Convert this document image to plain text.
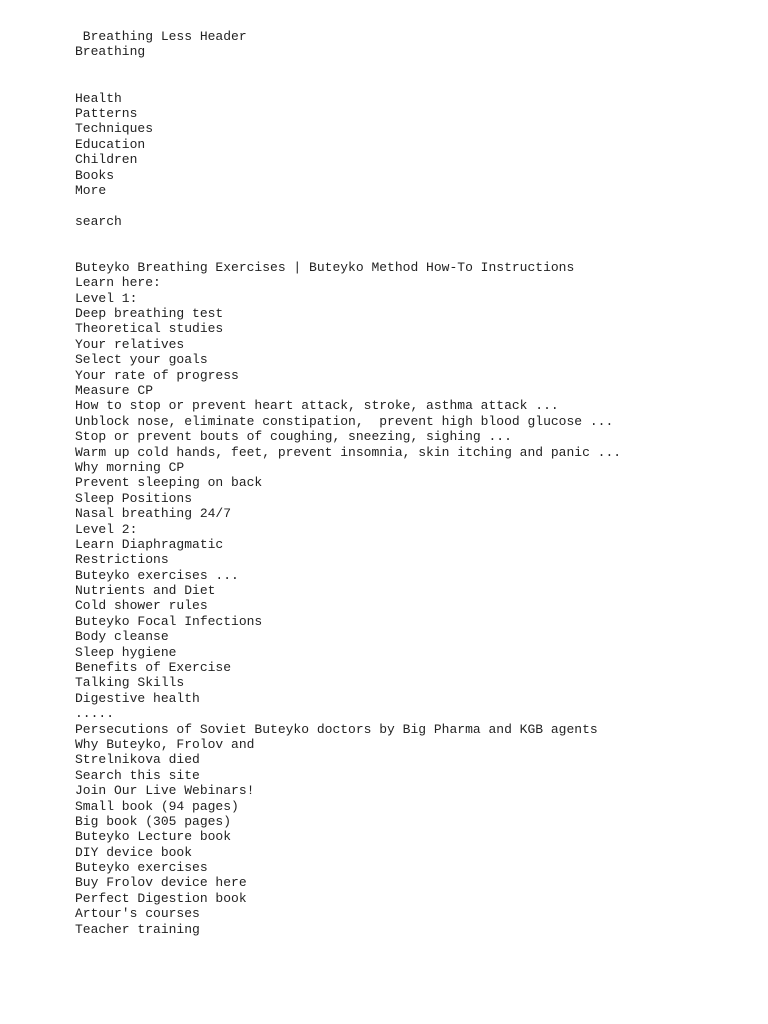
Breathing Less Header
Breathing
Health
Patterns
Techniques
Education
Children
Books
More
search
Buteyko Breathing Exercises | Buteyko Method How-To Instructions
Learn here:
Level 1:
Deep breathing test
Theoretical studies
Your relatives
Select your goals
Your rate of progress
Measure CP
How to stop or prevent heart attack, stroke, asthma attack ...
Unblock nose, eliminate constipation,  prevent high blood glucose ...
Stop or prevent bouts of coughing, sneezing, sighing ...
Warm up cold hands, feet, prevent insomnia, skin itching and panic ...
Why morning CP
Prevent sleeping on back
Sleep Positions
Nasal breathing 24/7
Level 2:
Learn Diaphragmatic
Restrictions
Buteyko exercises ...
Nutrients and Diet
Cold shower rules
Buteyko Focal Infections
Body cleanse
Sleep hygiene
Benefits of Exercise
Talking Skills
Digestive health
.....
Persecutions of Soviet Buteyko doctors by Big Pharma and KGB agents
Why Buteyko, Frolov and
Strelnikova died
Search this site
Join Our Live Webinars!
Small book (94 pages)
Big book (305 pages)
Buteyko Lecture book
DIY device book
Buteyko exercises
Buy Frolov device here
Perfect Digestion book
Artour's courses
Teacher training
